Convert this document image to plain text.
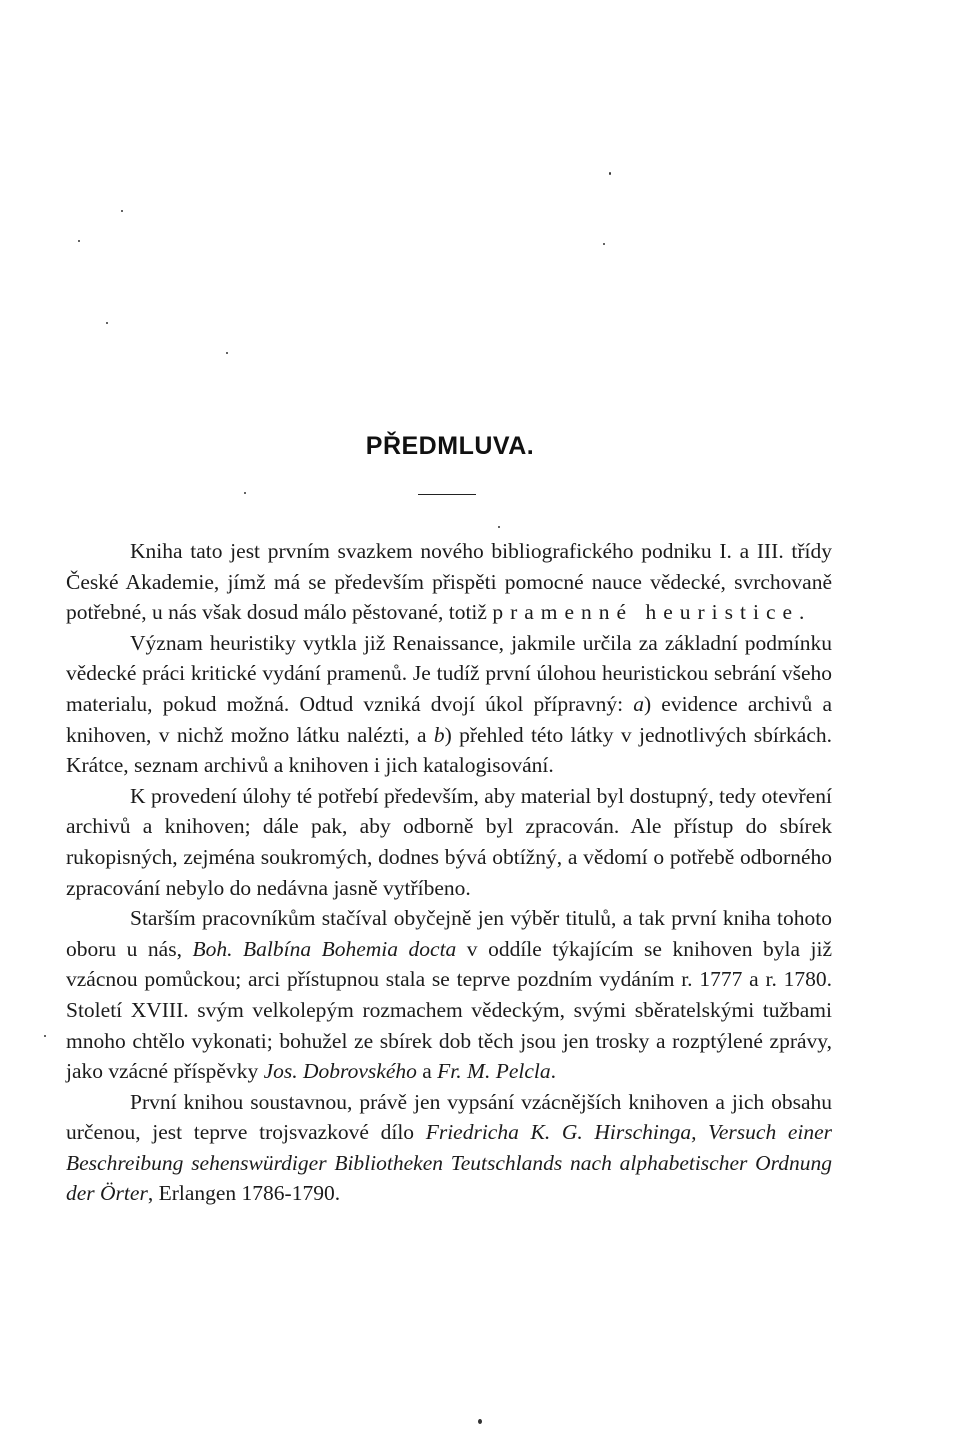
PŘEDMLUVA.

Kniha tato jest prvním svazkem nového bibliografického podniku I. a III. třídy České Akademie, jímž má se především přispěti pomocné nauce vědecké, svrchovaně potřebné, u nás však dosud málo pěstované, totiž pramenné heuristice.

Význam heuristiky vytkla již Renaissance, jakmile určila za základní podmínku vědecké práci kritické vydání pramenů. Je tudíž první úlohou heuristickou sebrání všeho materialu, pokud možná. Odtud vzniká dvojí úkol přípravný: a) evidence archivů a knihoven, v nichž možno látku nalézti, a b) přehled této látky v jednotlivých sbírkách. Krátce, seznam archivů a knihoven i jich katalogisování.

K provedení úlohy té potřebí především, aby material byl dostupný, tedy otevření archivů a knihoven; dále pak, aby odborně byl zpracován. Ale přístup do sbírek rukopisných, zejména soukromých, dodnes bývá obtížný, a vědomí o potřebě odborného zpracování nebylo do nedávna jasně vytříbeno.

Starším pracovníkům stačíval obyčejně jen výběr titulů, a tak první kniha tohoto oboru u nás, Boh. Balbína Bohemia docta v oddíle týkajícím se knihoven byla již vzácnou pomůckou; arci přístupnou stala se teprve pozdním vydáním r. 1777 a r. 1780. Století XVIII. svým velkolepým rozmachem vědeckým, svými sběratelskými tužbami mnoho chtělo vykonati; bohužel ze sbírek dob těch jsou jen trosky a rozptýlené zprávy, jako vzácné příspěvky Jos. Dobrovského a Fr. M. Pelcla.

První knihou soustavnou, právě jen vypsání vzácnějších knihoven a jich obsahu určenou, jest teprve trojsvazkové dílo Friedricha K. G. Hirschinga, Versuch einer Beschreibung sehenswürdiger Bibliotheken Teutschlands nach alphabetischer Ordnung der Örter, Erlangen 1786-1790.
